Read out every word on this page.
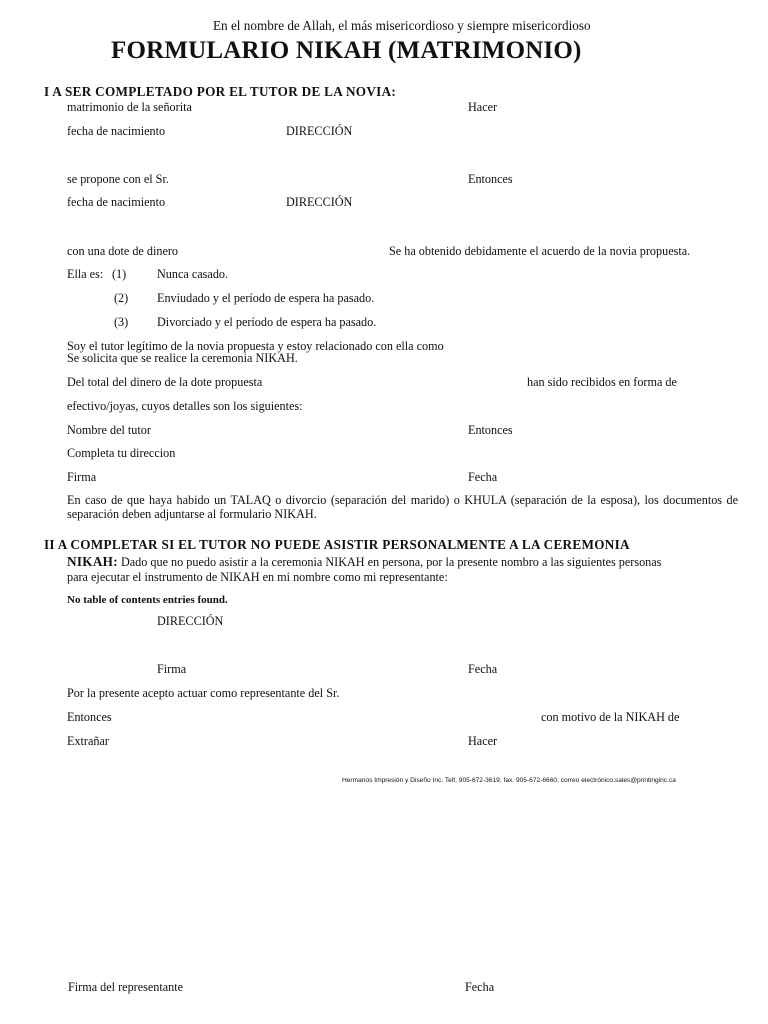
En el nombre de Allah, el más misericordioso y siempre misericordioso
FORMULARIO NIKAH (MATRIMONIO)
I A SER COMPLETADO POR EL TUTOR DE LA NOVIA:
matrimonio de la señorita	Hacer
fecha de nacimiento	DIRECCIÓN
se propone con el Sr.	Entonces
fecha de nacimiento	DIRECCIÓN
con una dote de dinero	Se ha obtenido debidamente el acuerdo de la novia propuesta.
Ella es: (1)	Nunca casado.
(2) Enviudado y el período de espera ha pasado.
(3) Divorciado y el período de espera ha pasado.
Soy el tutor legítimo de la novia propuesta y estoy relacionado con ella como
Se solicita que se realice la ceremonia NIKAH.
Del total del dinero de la dote propuesta	han sido recibidos en forma de
efectivo/joyas, cuyos detalles son los siguientes:
Nombre del tutor	Entonces
Completa tu direccion
Firma	Fecha
En caso de que haya habido un TALAQ o divorcio (separación del marido) o KHULA (separación de la esposa), los documentos de separación deben adjuntarse al formulario NIKAH.
II A COMPLETAR SI EL TUTOR NO PUEDE ASISTIR PERSONALMENTE A LA CEREMONIA
NIKAH: Dado que no puedo asistir a la ceremonia NIKAH en persona, por la presente nombro a las siguientes personas
para ejecutar el instrumento de NIKAH en mi nombre como mi representante:
No table of contents entries found.
DIRECCIÓN
Firma	Fecha
Por la presente acepto actuar como representante del Sr.
Entonces	con motivo de la NIKAH de
Extrañar	Hacer
Hermanos Impresión y Diseño Inc. Telf. 905-672-3619, fax. 905-672-6660, correo electrónico.sales@printinginc.ca
Firma del representante	Fecha
